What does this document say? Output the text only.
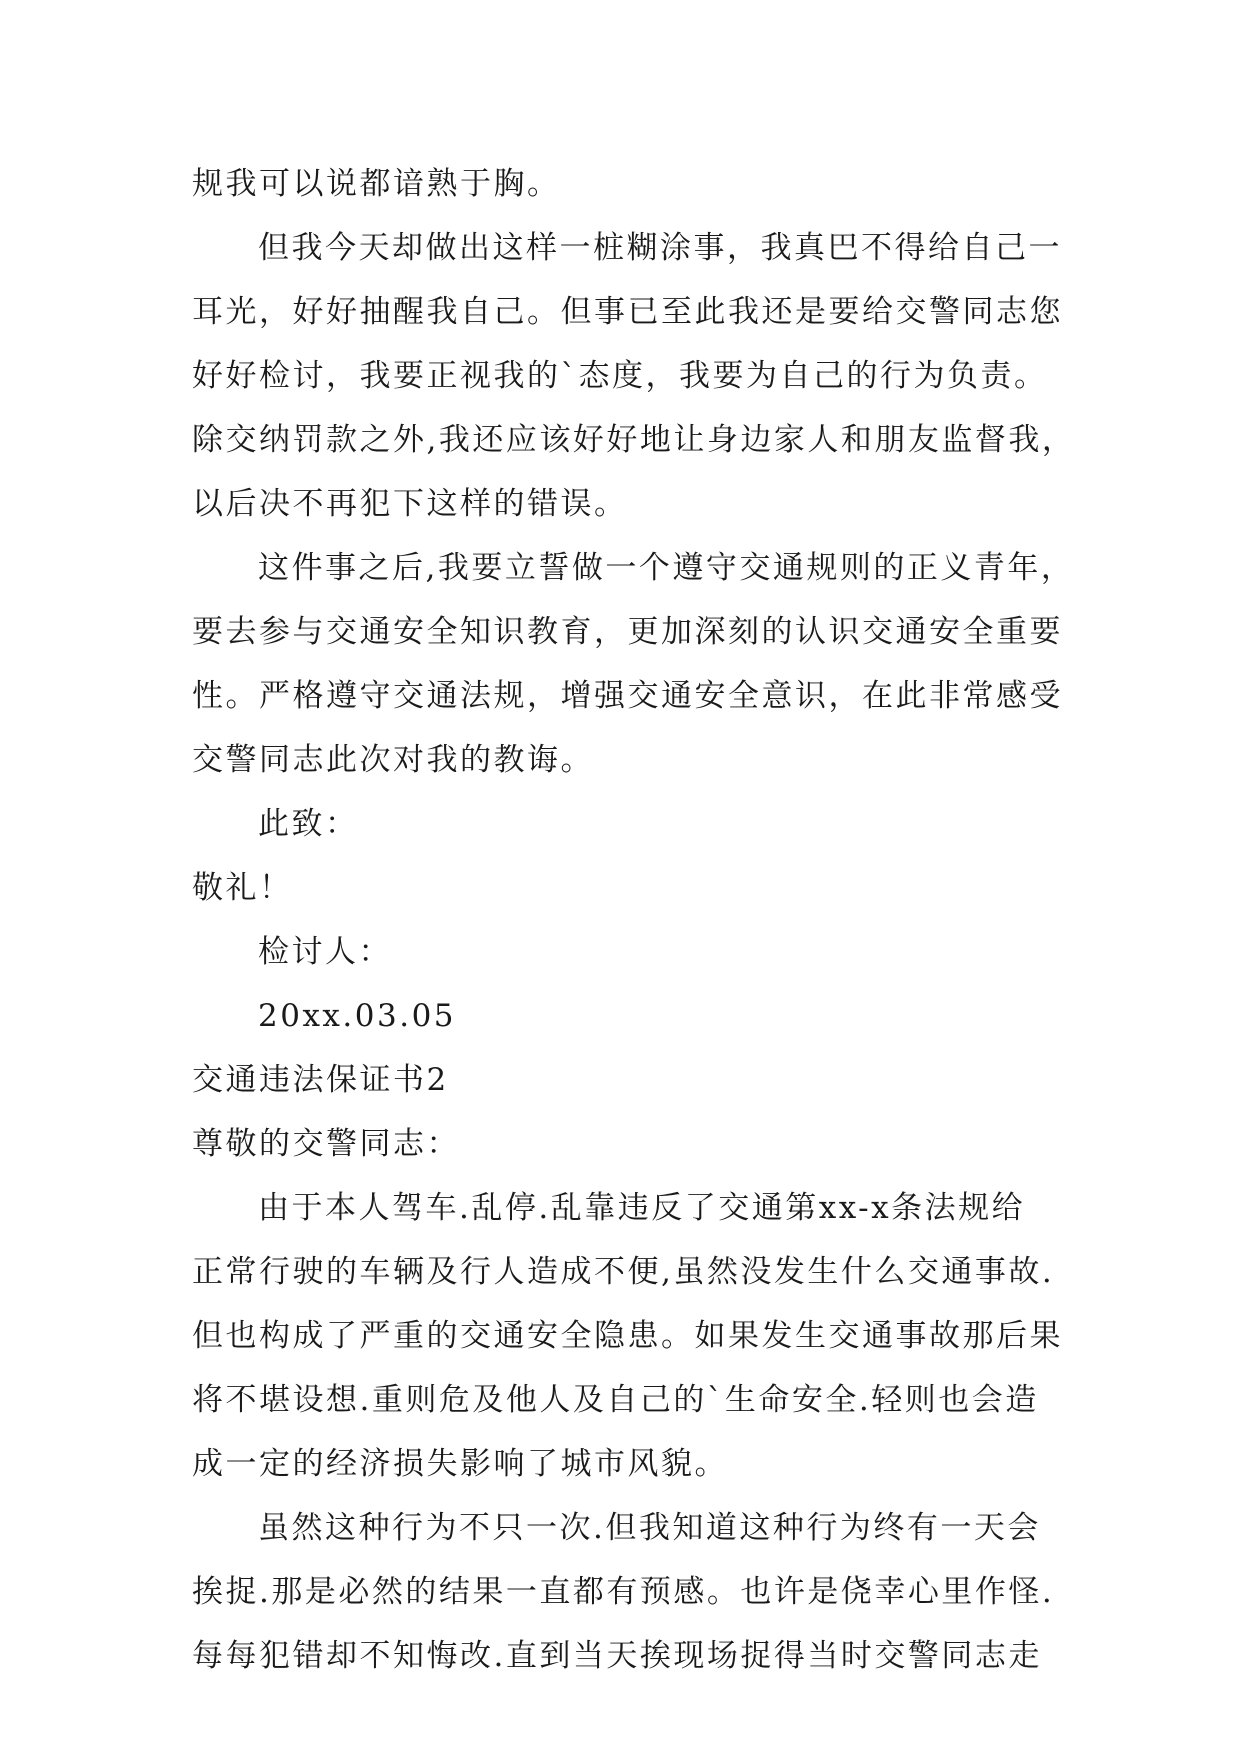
规我可以说都谙熟于胸。
但我今天却做出这样一桩糊涂事，我真巴不得给自己一
耳光，好好抽醒我自己。但事已至此我还是要给交警同志您
好好检讨，我要正视我的`态度，我要为自己的行为负责。
除交纳罚款之外,我还应该好好地让身边家人和朋友监督我，
以后决不再犯下这样的错误。
这件事之后,我要立誓做一个遵守交通规则的正义青年，
要去参与交通安全知识教育，更加深刻的认识交通安全重要
性。严格遵守交通法规，增强交通安全意识，在此非常感受
交警同志此次对我的教诲。
此致：
敬礼！
检讨人：
20xx.03.05
交通违法保证书2
尊敬的交警同志：
由于本人驾车.乱停.乱靠违反了交通第xx-x条法规给
正常行驶的车辆及行人造成不便,虽然没发生什么交通事故.
但也构成了严重的交通安全隐患。如果发生交通事故那后果
将不堪设想.重则危及他人及自己的`生命安全.轻则也会造
成一定的经济损失影响了城市风貌。
虽然这种行为不只一次.但我知道这种行为终有一天会
挨捉.那是必然的结果一直都有预感。也许是侥幸心里作怪.
每每犯错却不知悔改.直到当天挨现场捉得当时交警同志走
